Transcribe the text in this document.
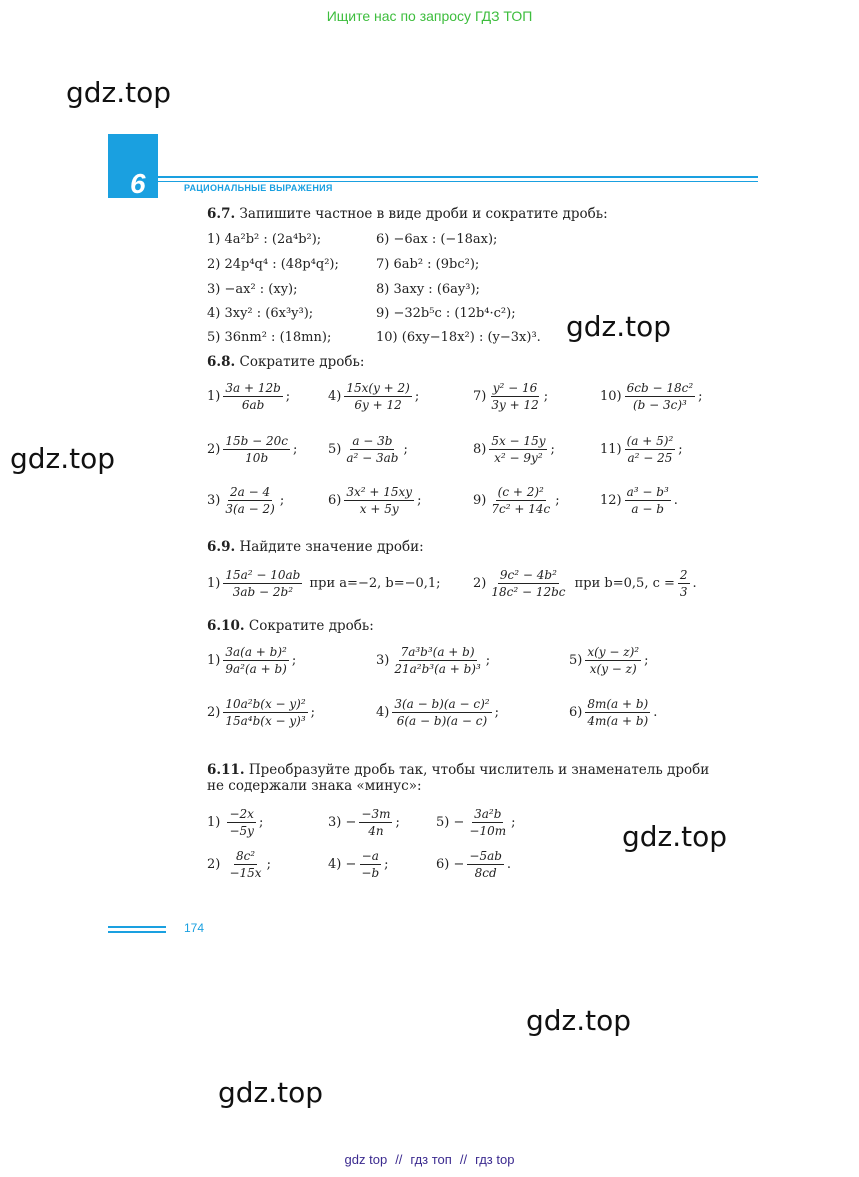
Ищите нас по запросу ГДЗ ТОП
gdz.top
gdz.top
gdz.top
gdz.top
gdz.top
gdz.top
6	РАЦИОНАЛЬНЫЕ ВЫРАЖЕНИЯ
6.7. Запишите частное в виде дроби и сократите дробь:
1) 4a²b² : (2a⁴b²);	6) −6ax : (−18ax);
2) 24p⁴q⁴ : (48p⁴q²);	7) 6ab² : (9bc²);
3) −ax² : (xy);	8) 3axy : (6ay³);
4) 3xy² : (6x³y³);	9) −32b⁵c : (12b⁴·c²);
5) 36nm² : (18mn);	10) (6xy−18x²) : (y−3x)³.
6.8. Сократите дробь:
$1) \frac{3a + 12b}{6ab}$ ;	$4) \frac{15x(y + 2)}{6y + 12}$ ;	$7) \frac{\text{y² − 16}}{3y + 12}$ ;	$10) \frac{\text{6cb − 18c²}}{\text{(b − 3c)³}}$ ;
$2) \frac{15b - 20c}{10b}$ ; $5) \frac{a - 3b}{\text{a² − 3ab}}$ ;	$8) \frac{5x - 15y}{\text{x² − 9y²}}$ ;	$11) \frac{\text{(a + 5)²}}{\text{a² − 25}}$ ;
$3) \frac{2a - 4}{3(a - 2)}$ ;	$6) \frac{\text{3x² + 15xy}}{x + 5y}$ ;	$9) \frac{\text{(c + 2)²}}{\text{7c² + 14c}}$ ;	$12) \frac{\text{a³ − b³}}{a - b}$ .
6.9. Найдите значение дроби:
$1) \frac{\text{15a² − 10ab}}{\text{3ab − 2b²}}$ при a=−2, b=−0,1; $2) \frac{\text{9c² − 4b²}}{\text{18c² − 12bc}}$ при b=0,5, $c = \frac{2}{3}$ .
6.10. Сократите дробь:
$1) \frac{\text{3a(a + b)²}}{\text{9a²(a + b)}}$ ;	$3) \frac{\text{7a³b³(a + b)}}{\text{21a²b³(a + b)³}}$ ;	$5) \frac{\text{x(y − z)²}}{x(y - z)}$ ;
$2) \frac{\text{10a²b(x − y)²}}{\text{15a⁴b(x − y)³}}$ ;	$4) \frac{\text{3(a − b)(a − c)²}}{6(a - b)(a - c)}$ ;	$6) \frac{8m(a + b)}{4m(a + b)}$ .
6.11. Преобразуйте дробь так, чтобы числитель и знаменатель дроби
не содержали знака «минус»:
$1) \frac{-2x}{-5y}$ ;	$3) - \frac{-3m}{4n}$ ;	$5) - \frac{\text{3a²b}}{-10m}$ ;
$2) \frac{\text{8c²}}{-15x}$ ;	$4) - \frac{-a}{-b}$ ;	$6) - \frac{-5ab}{8cd}$ .
174
gdz top // гдз топ // гдз top
